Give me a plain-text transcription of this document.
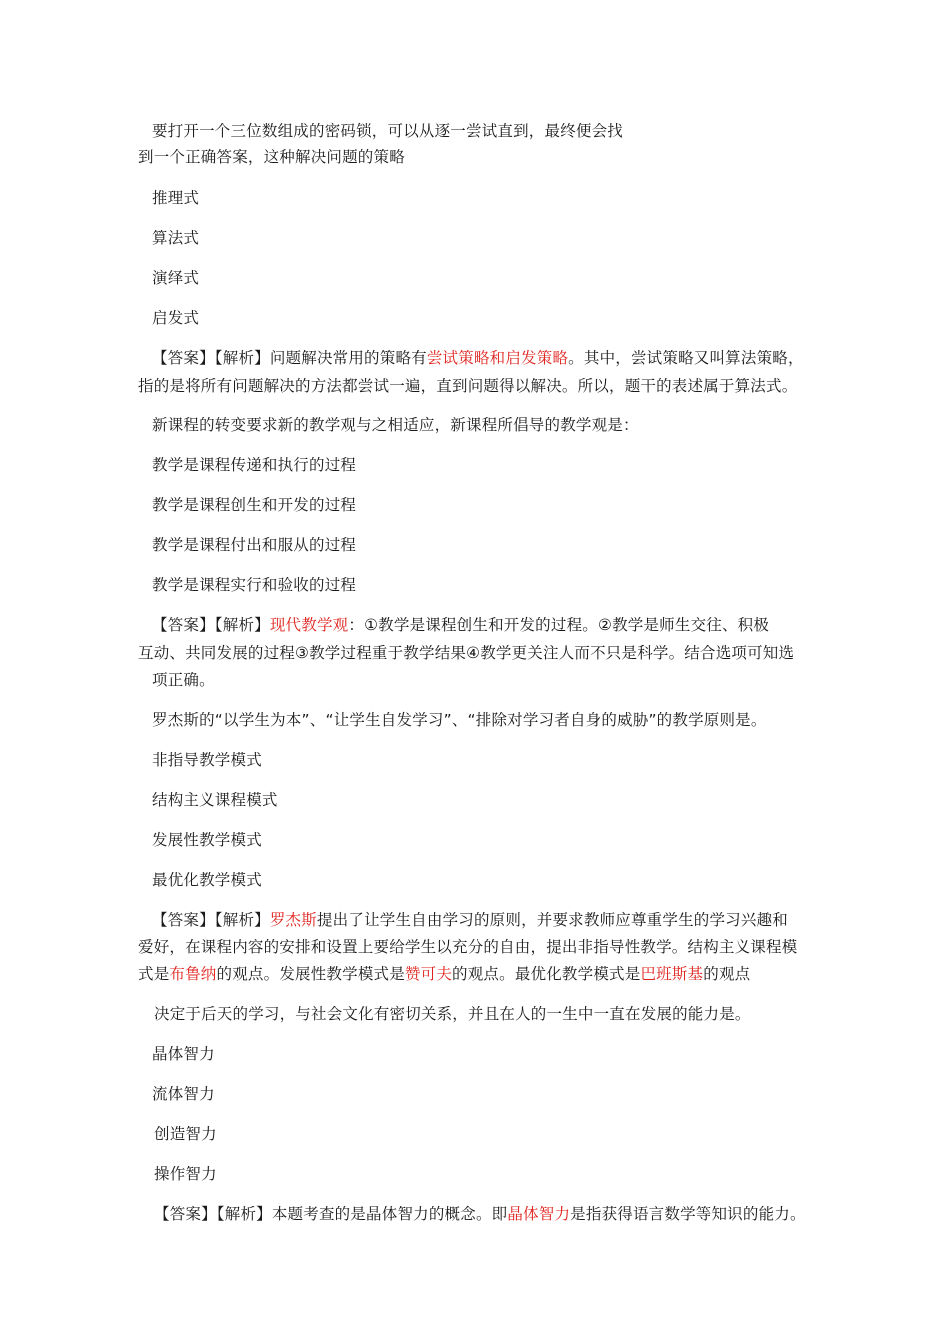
要打开一个三位数组成的密码锁，可以从逐一尝试直到，最终便会找
到一个正确答案，这种解决问题的策略
推理式
算法式
演绎式
启发式
【答案】【解析】问题解决常用的策略有尝试策略和启发策略。其中，尝试策略又叫算法策略，
指的是将所有问题解决的方法都尝试一遍，直到问题得以解决。所以，题干的表述属于算法式。
新课程的转变要求新的教学观与之相适应，新课程所倡导的教学观是：
教学是课程传递和执行的过程
教学是课程创生和开发的过程
教学是课程付出和服从的过程
教学是课程实行和验收的过程
【答案】【解析】现代教学观：①教学是课程创生和开发的过程。②教学是师生交往、积极
互动、共同发展的过程③教学过程重于教学结果④教学更关注人而不只是科学。结合选项可知选
项正确。
罗杰斯的“以学生为本”、“让学生自发学习”、“排除对学习者自身的威胁”的教学原则是。
非指导教学模式
结构主义课程模式
发展性教学模式
最优化教学模式
【答案】【解析】罗杰斯提出了让学生自由学习的原则，并要求教师应尊重学生的学习兴趣和
爱好，在课程内容的安排和设置上要给学生以充分的自由，提出非指导性教学。结构主义课程模
式是布鲁纳的观点。发展性教学模式是赞可夫的观点。最优化教学模式是巴班斯基的观点
决定于后天的学习，与社会文化有密切关系，并且在人的一生中一直在发展的能力是。
晶体智力
流体智力
创造智力
操作智力
【答案】【解析】本题考查的是晶体智力的概念。即晶体智力是指获得语言数学等知识的能力。
